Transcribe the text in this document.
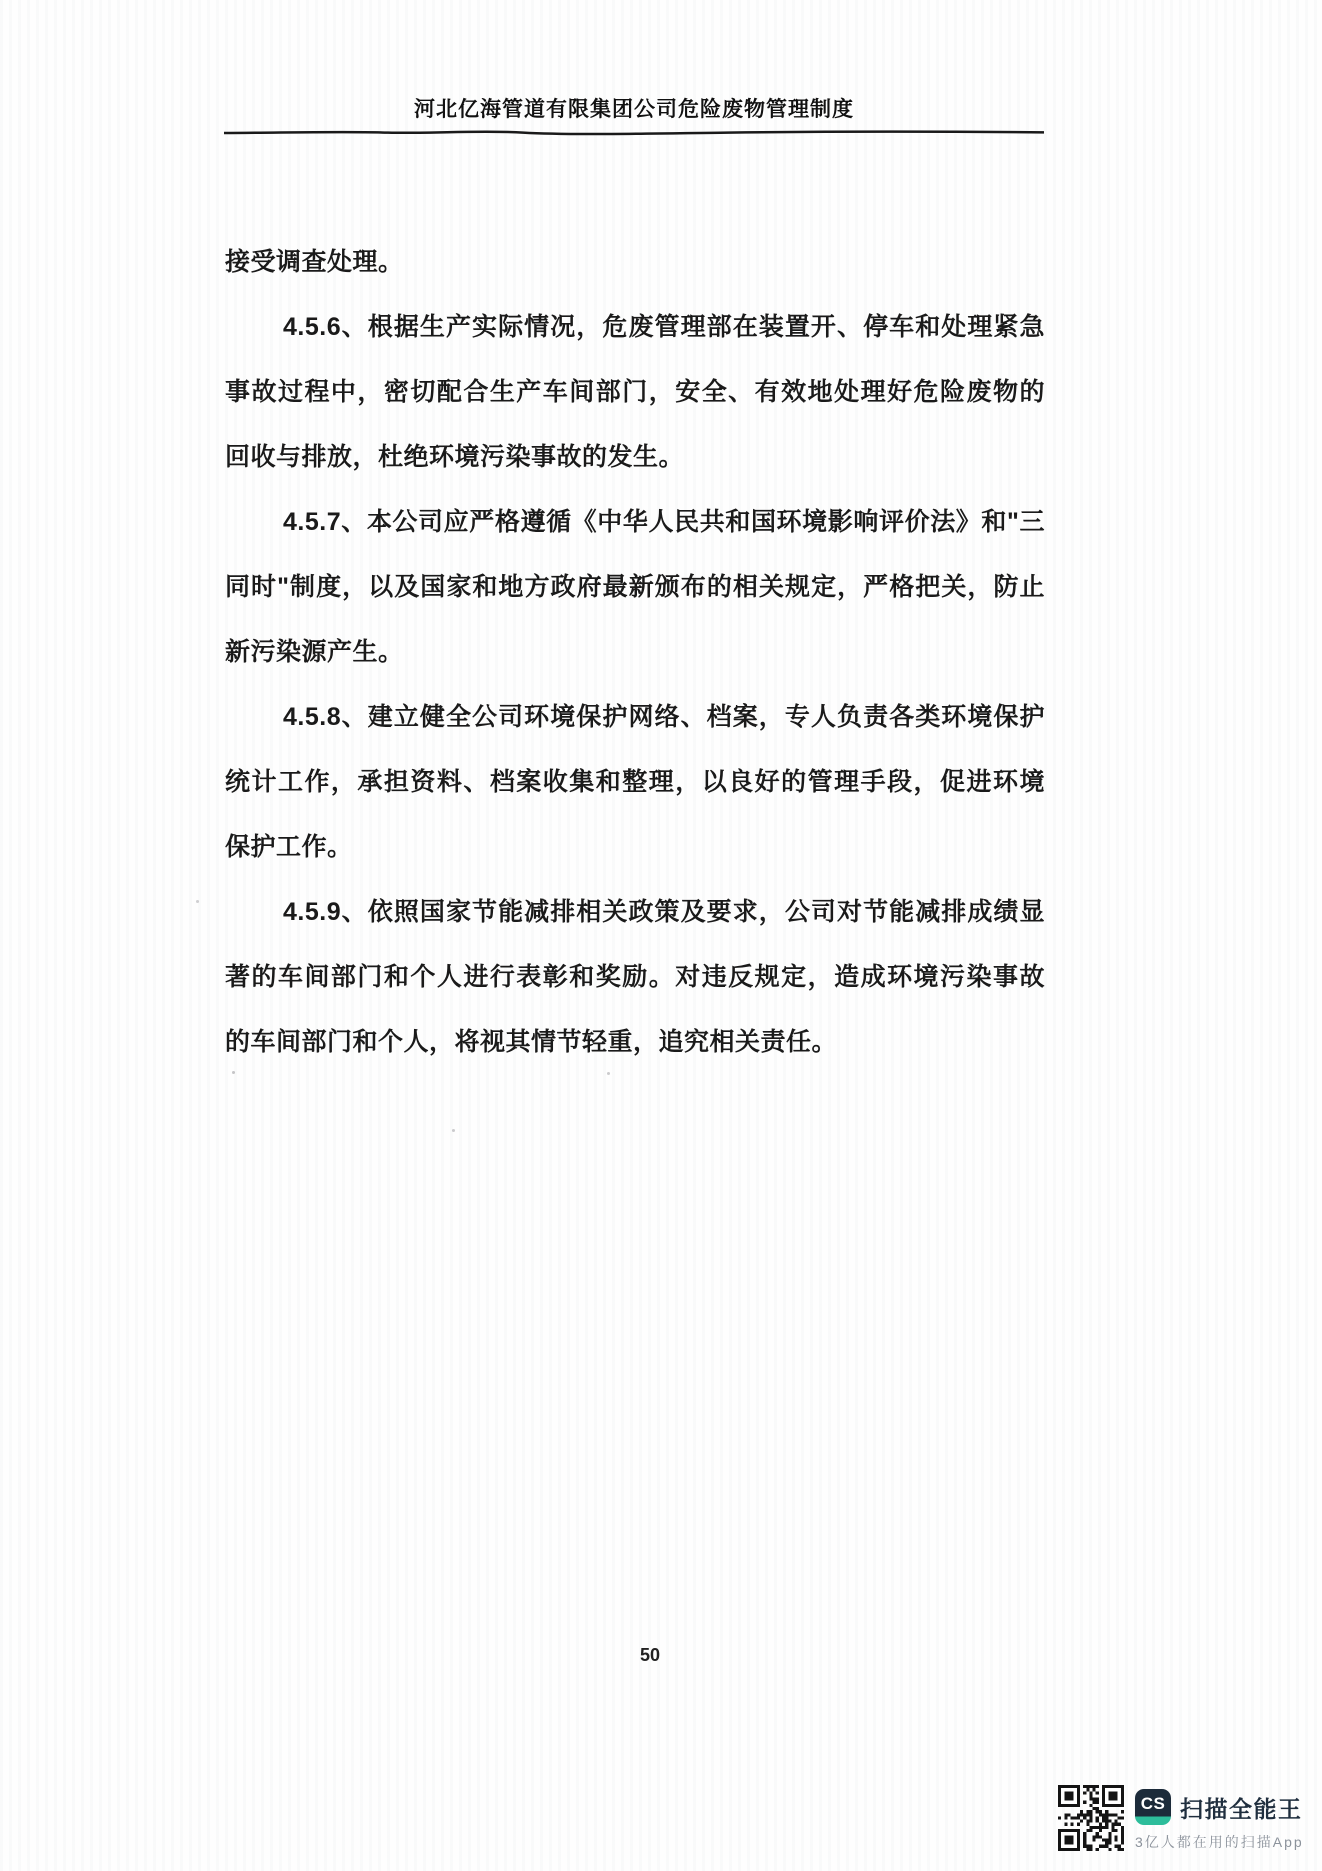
河北亿海管道有限集团公司危险废物管理制度
接受调查处理。
4.5.6、根据生产实际情况，危废管理部在装置开、停车和处理紧急
事故过程中，密切配合生产车间部门，安全、有效地处理好危险废物的
回收与排放，杜绝环境污染事故的发生。
4.5.7、本公司应严格遵循《中华人民共和国环境影响评价法》和"三
同时"制度，以及国家和地方政府最新颁布的相关规定，严格把关，防止
新污染源产生。
4.5.8、建立健全公司环境保护网络、档案，专人负责各类环境保护
统计工作，承担资料、档案收集和整理，以良好的管理手段，促进环境
保护工作。
4.5.9、依照国家节能减排相关政策及要求，公司对节能减排成绩显
著的车间部门和个人进行表彰和奖励。对违反规定，造成环境污染事故
的车间部门和个人，将视其情节轻重，追究相关责任。
50
CS 扫描全能王
3亿人都在用的扫描App
